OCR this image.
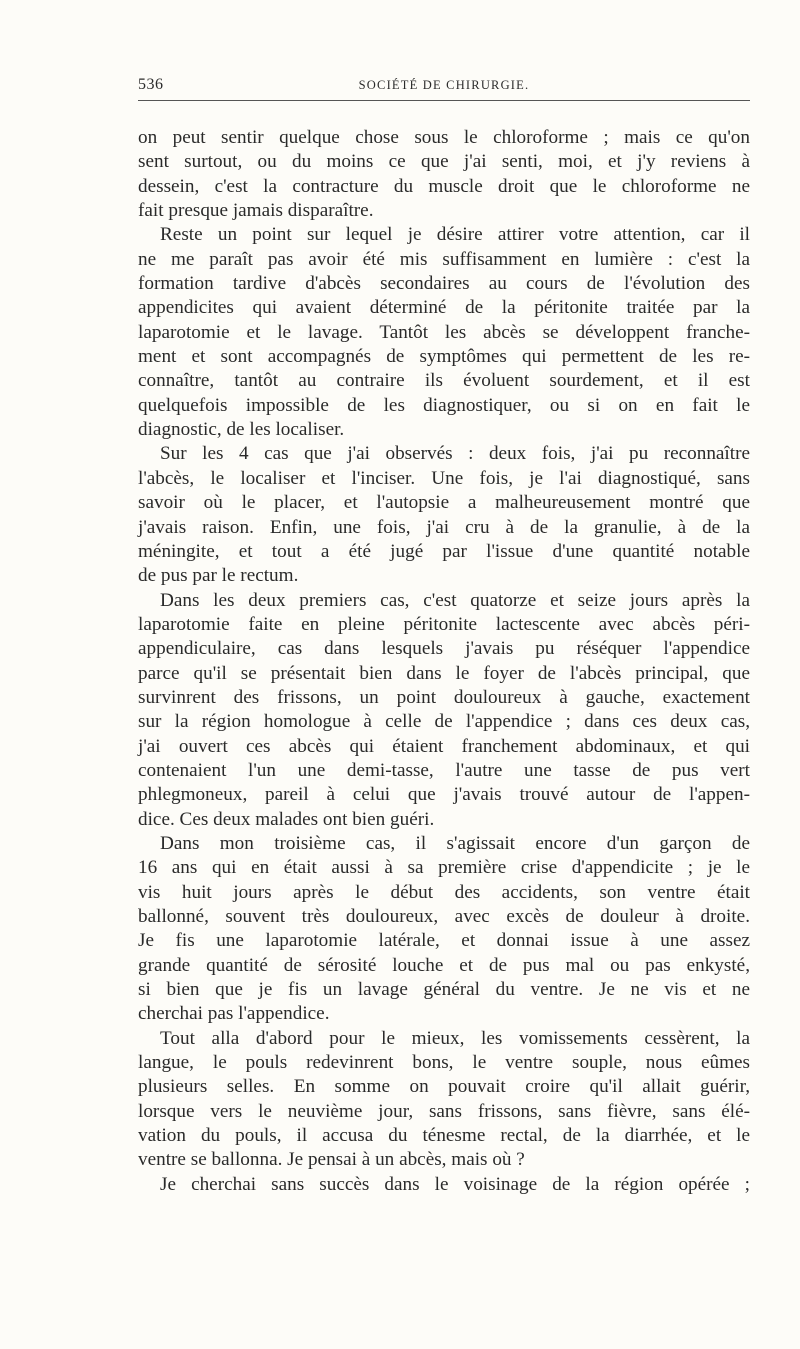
536	SOCIÉTÉ DE CHIRURGIE.
on peut sentir quelque chose sous le chloroforme ; mais ce qu'on
sent surtout, ou du moins ce que j'ai senti, moi, et j'y reviens à
dessein, c'est la contracture du muscle droit que le chloroforme ne
fait presque jamais disparaître.
Reste un point sur lequel je désire attirer votre attention, car il
ne me paraît pas avoir été mis suffisamment en lumière : c'est la
formation tardive d'abcès secondaires au cours de l'évolution des
appendicites qui avaient déterminé de la péritonite traitée par la
laparotomie et le lavage. Tantôt les abcès se développent franche-
ment et sont accompagnés de symptômes qui permettent de les re-
connaître, tantôt au contraire ils évoluent sourdement, et il est
quelquefois impossible de les diagnostiquer, ou si on en fait le
diagnostic, de les localiser.
Sur les 4 cas que j'ai observés : deux fois, j'ai pu reconnaître
l'abcès, le localiser et l'inciser. Une fois, je l'ai diagnostiqué, sans
savoir où le placer, et l'autopsie a malheureusement montré que
j'avais raison. Enfin, une fois, j'ai cru à de la granulie, à de la
méningite, et tout a été jugé par l'issue d'une quantité notable
de pus par le rectum.
Dans les deux premiers cas, c'est quatorze et seize jours après la
laparotomie faite en pleine péritonite lactescente avec abcès péri-
appendiculaire, cas dans lesquels j'avais pu réséquer l'appendice
parce qu'il se présentait bien dans le foyer de l'abcès principal, que
survinrent des frissons, un point douloureux à gauche, exactement
sur la région homologue à celle de l'appendice ; dans ces deux cas,
j'ai ouvert ces abcès qui étaient franchement abdominaux, et qui
contenaient l'un une demi-tasse, l'autre une tasse de pus vert
phlegmoneux, pareil à celui que j'avais trouvé autour de l'appen-
dice. Ces deux malades ont bien guéri.
Dans mon troisième cas, il s'agissait encore d'un garçon de
16 ans qui en était aussi à sa première crise d'appendicite ; je le
vis huit jours après le début des accidents, son ventre était
ballonné, souvent très douloureux, avec excès de douleur à droite.
Je fis une laparotomie latérale, et donnai issue à une assez
grande quantité de sérosité louche et de pus mal ou pas enkysté,
si bien que je fis un lavage général du ventre. Je ne vis et ne
cherchai pas l'appendice.
Tout alla d'abord pour le mieux, les vomissements cessèrent, la
langue, le pouls redevinrent bons, le ventre souple, nous eûmes
plusieurs selles. En somme on pouvait croire qu'il allait guérir,
lorsque vers le neuvième jour, sans frissons, sans fièvre, sans élé-
vation du pouls, il accusa du ténesme rectal, de la diarrhée, et le
ventre se ballonna. Je pensai à un abcès, mais où ?
Je cherchai sans succès dans le voisinage de la région opérée ;
